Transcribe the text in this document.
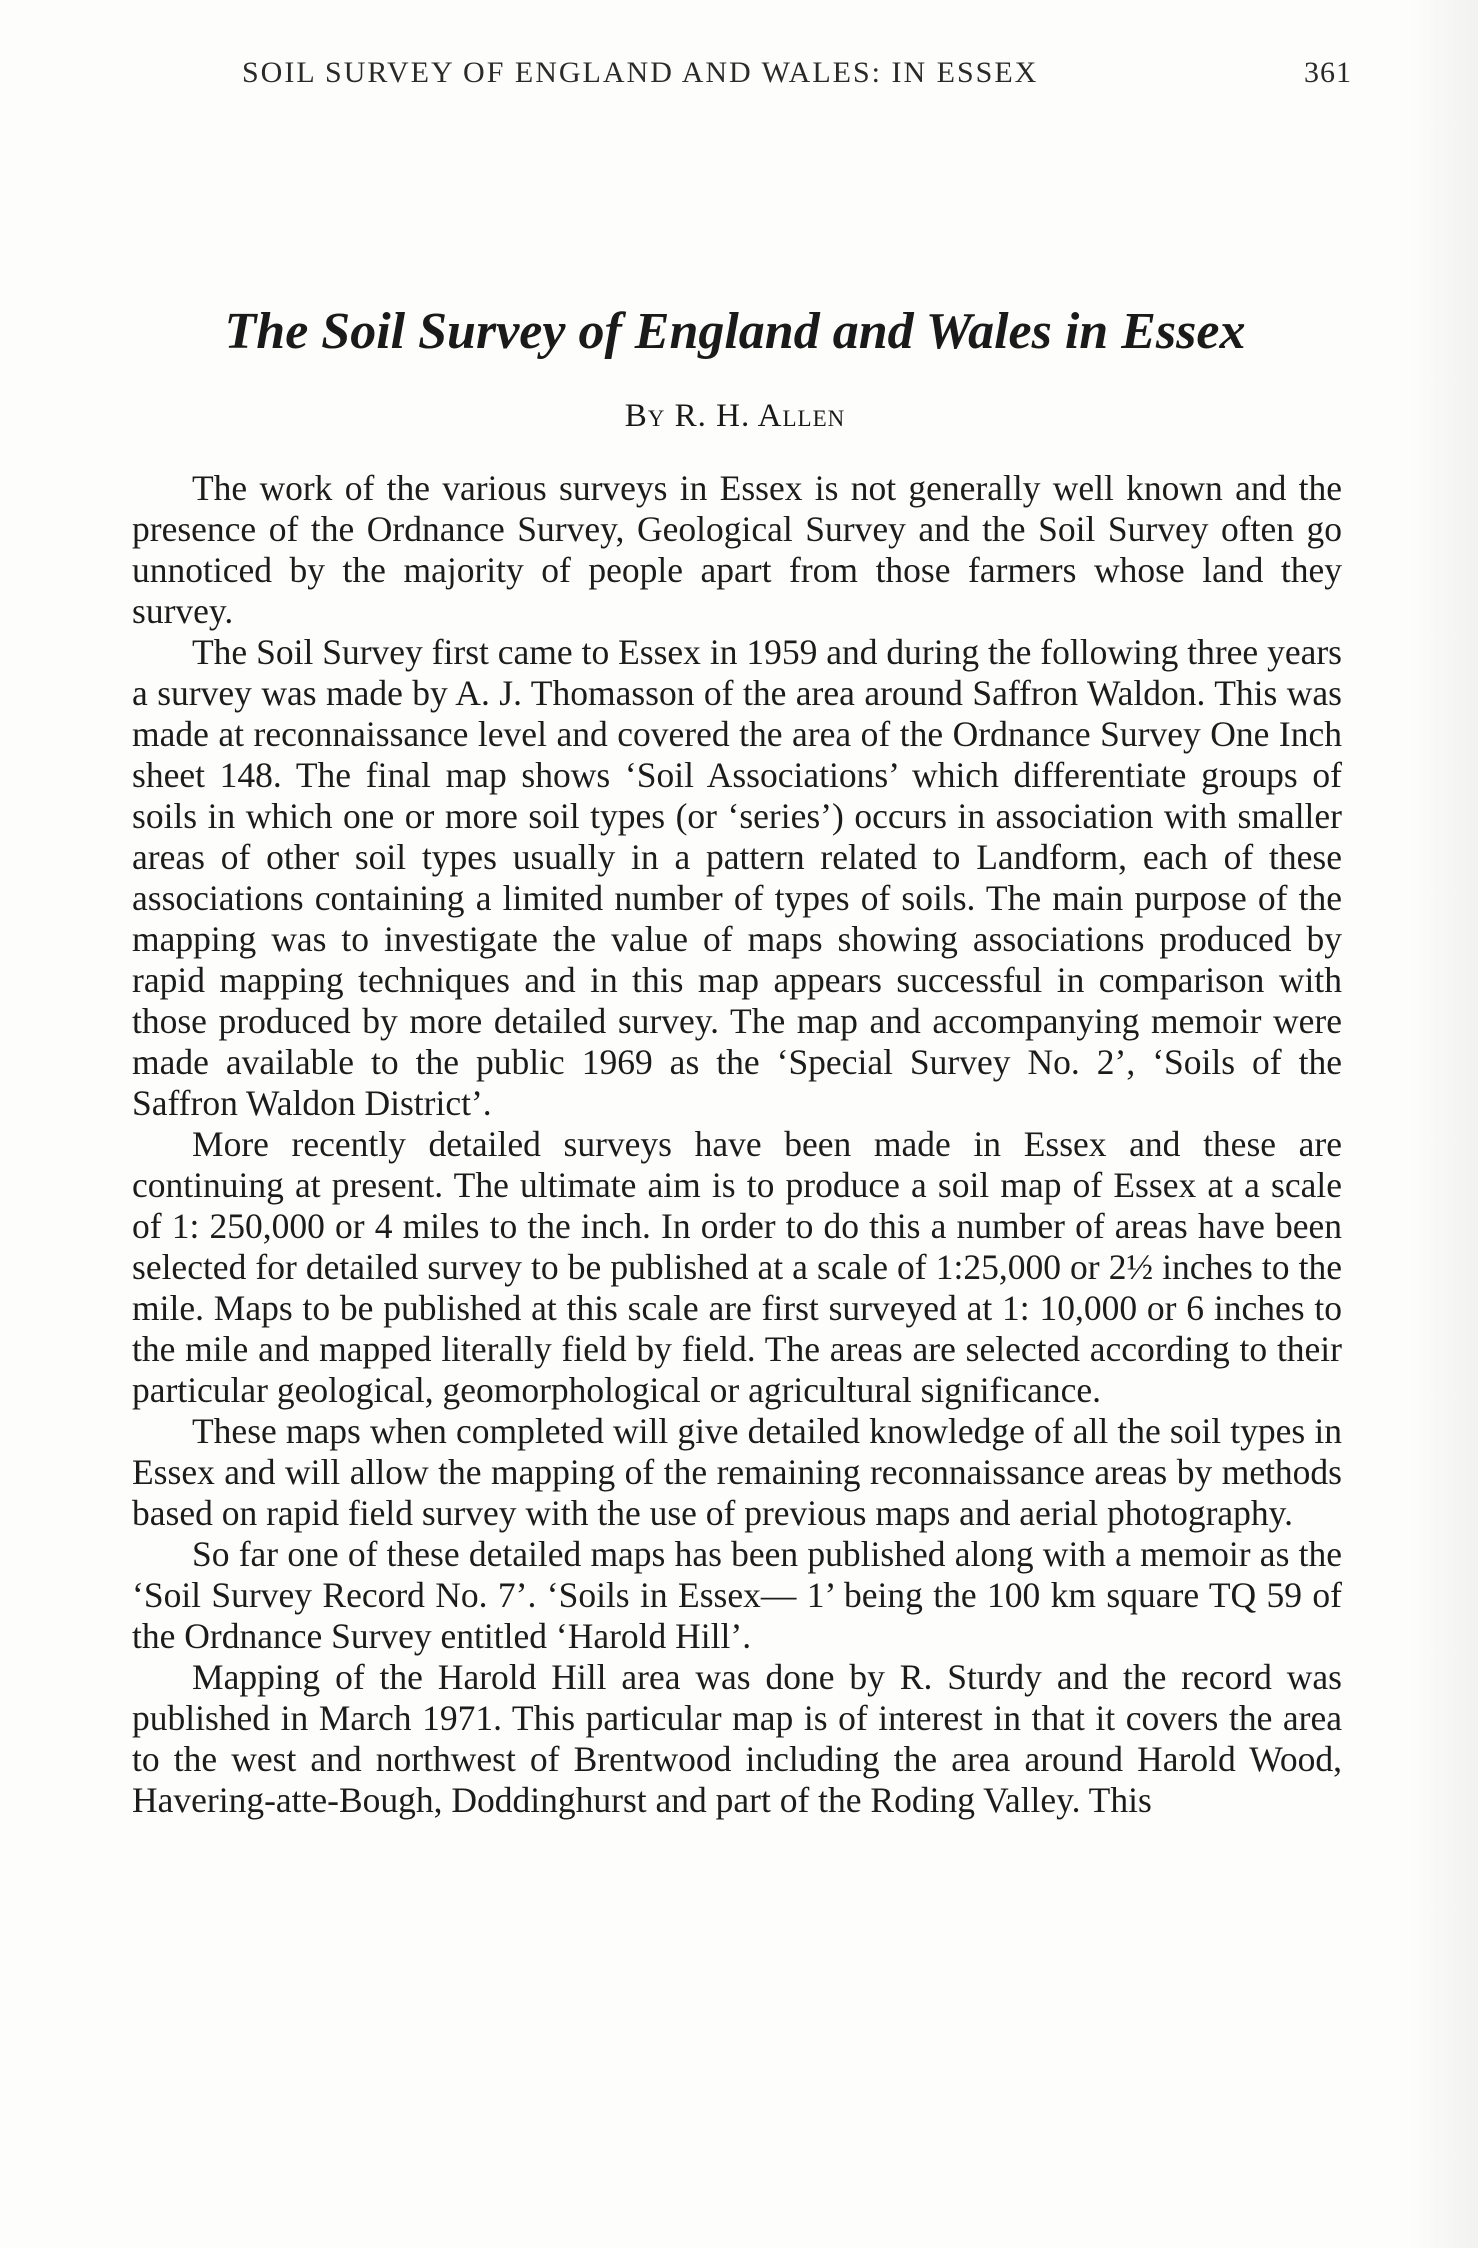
SOIL SURVEY OF ENGLAND AND WALES: IN ESSEX	361
The Soil Survey of England and Wales in Essex
By R. H. Allen

The work of the various surveys in Essex is not generally well known and the presence of the Ordnance Survey, Geological Survey and the Soil Survey often go unnoticed by the majority of people apart from those farmers whose land they survey.

The Soil Survey first came to Essex in 1959 and during the following three years a survey was made by A. J. Thomasson of the area around Saffron Waldon. This was made at reconnaissance level and covered the area of the Ordnance Survey One Inch sheet 148. The final map shows ‘Soil Associations’ which differentiate groups of soils in which one or more soil types (or ‘series’) occurs in association with smaller areas of other soil types usually in a pattern related to Landform, each of these associations containing a limited number of types of soils. The main purpose of the mapping was to investigate the value of maps showing associations produced by rapid mapping techniques and in this map appears successful in comparison with those produced by more detailed survey. The map and accompanying memoir were made available to the public 1969 as the ‘Special Survey No. 2’, ‘Soils of the Saffron Waldon District’.

More recently detailed surveys have been made in Essex and these are continuing at present. The ultimate aim is to produce a soil map of Essex at a scale of 1: 250,000 or 4 miles to the inch. In order to do this a number of areas have been selected for detailed survey to be published at a scale of 1:25,000 or 2½ inches to the mile. Maps to be published at this scale are first surveyed at 1: 10,000 or 6 inches to the mile and mapped literally field by field. The areas are selected according to their particular geological, geomorphological or agricultural significance.

These maps when completed will give detailed knowledge of all the soil types in Essex and will allow the mapping of the remaining reconnaissance areas by methods based on rapid field survey with the use of previous maps and aerial photography.

So far one of these detailed maps has been published along with a memoir as the ‘Soil Survey Record No. 7’. ‘Soils in Essex— 1’ being the 100 km square TQ 59 of the Ordnance Survey entitled ‘Harold Hill’.

Mapping of the Harold Hill area was done by R. Sturdy and the record was published in March 1971. This particular map is of interest in that it covers the area to the west and northwest of Brentwood including the area around Harold Wood, Havering-atte-Bough, Doddinghurst and part of the Roding Valley. This
